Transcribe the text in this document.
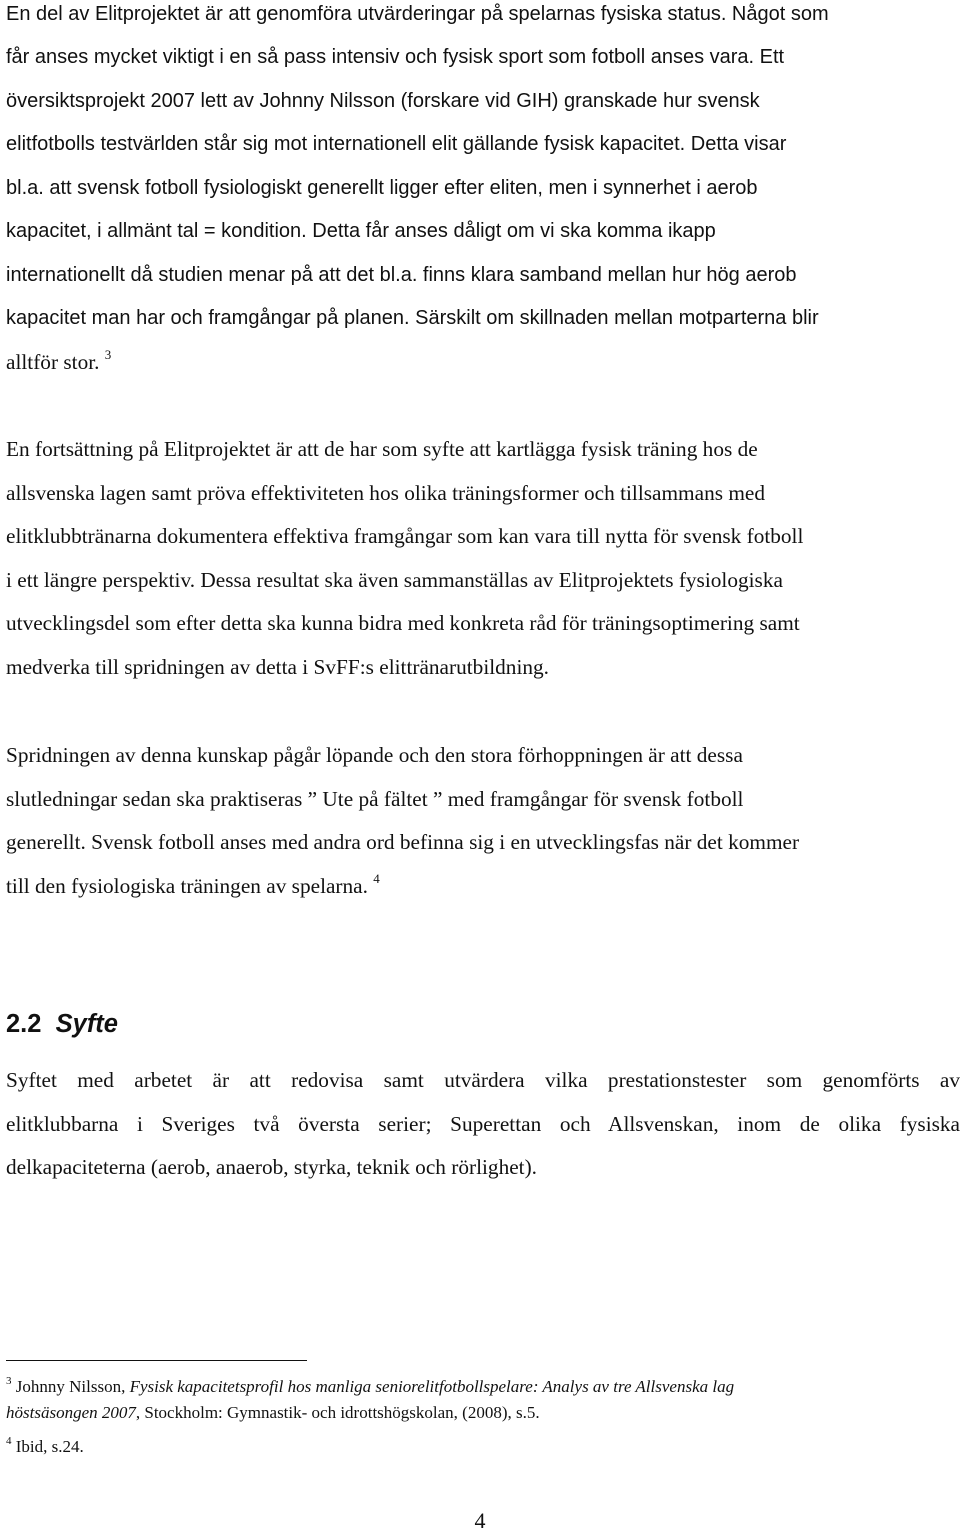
En del av Elitprojektet är att genomföra utvärderingar på spelarnas fysiska status. Något som
får anses mycket viktigt i en så pass intensiv och fysisk sport som fotboll anses vara. Ett
översiktsprojekt 2007 lett av Johnny Nilsson (forskare vid GIH) granskade hur svensk
elitfotbolls testvärlden står sig mot internationell elit gällande fysisk kapacitet. Detta visar
bl.a. att svensk fotboll fysiologiskt generellt ligger efter eliten, men i synnerhet i aerob
kapacitet, i allmänt tal = kondition. Detta får anses dåligt om vi ska komma ikapp
internationellt då studien menar på att det bl.a. finns klara samband mellan hur hög aerob
kapacitet man har och framgångar på planen. Särskilt om skillnaden mellan motparterna blir
alltför stor. $^3$
En fortsättning på Elitprojektet är att de har som syfte att kartlägga fysisk träning hos de
allsvenska lagen samt pröva effektiviteten hos olika träningsformer och tillsammans med
elitklubbtränarna dokumentera effektiva framgångar som kan vara till nytta för svensk fotboll
i ett längre perspektiv. Dessa resultat ska även sammanställas av Elitprojektets fysiologiska
utvecklingsdel som efter detta ska kunna bidra med konkreta råd för träningsoptimering samt
medverka till spridningen av detta i SvFF:s elittränarutbildning.
Spridningen av denna kunskap pågår löpande och den stora förhoppningen är att dessa
slutledningar sedan ska praktiseras ” Ute på fältet ” med framgångar för svensk fotboll
generellt. Svensk fotboll anses med andra ord befinna sig i en utvecklingsfas när det kommer
till den fysiologiska träningen av spelarna. $^4$
2.2 Syfte
Syftet med arbetet är att redovisa samt utvärdera vilka prestationstester som genomförts av
elitklubbarna i Sveriges två översta serier; Superettan och Allsvenskan, inom de olika fysiska
delkapaciteterna (aerob, anaerob, styrka, teknik och rörlighet).
$^3$ Johnny Nilsson, Fysisk kapacitetsprofil hos manliga seniorelitfotbollspelare: Analys av tre Allsvenska lag
höstsäsongen 2007, Stockholm: Gymnastik- och idrottshögskolan, (2008), s.5.
$^4$ Ibid, s.24.
4
